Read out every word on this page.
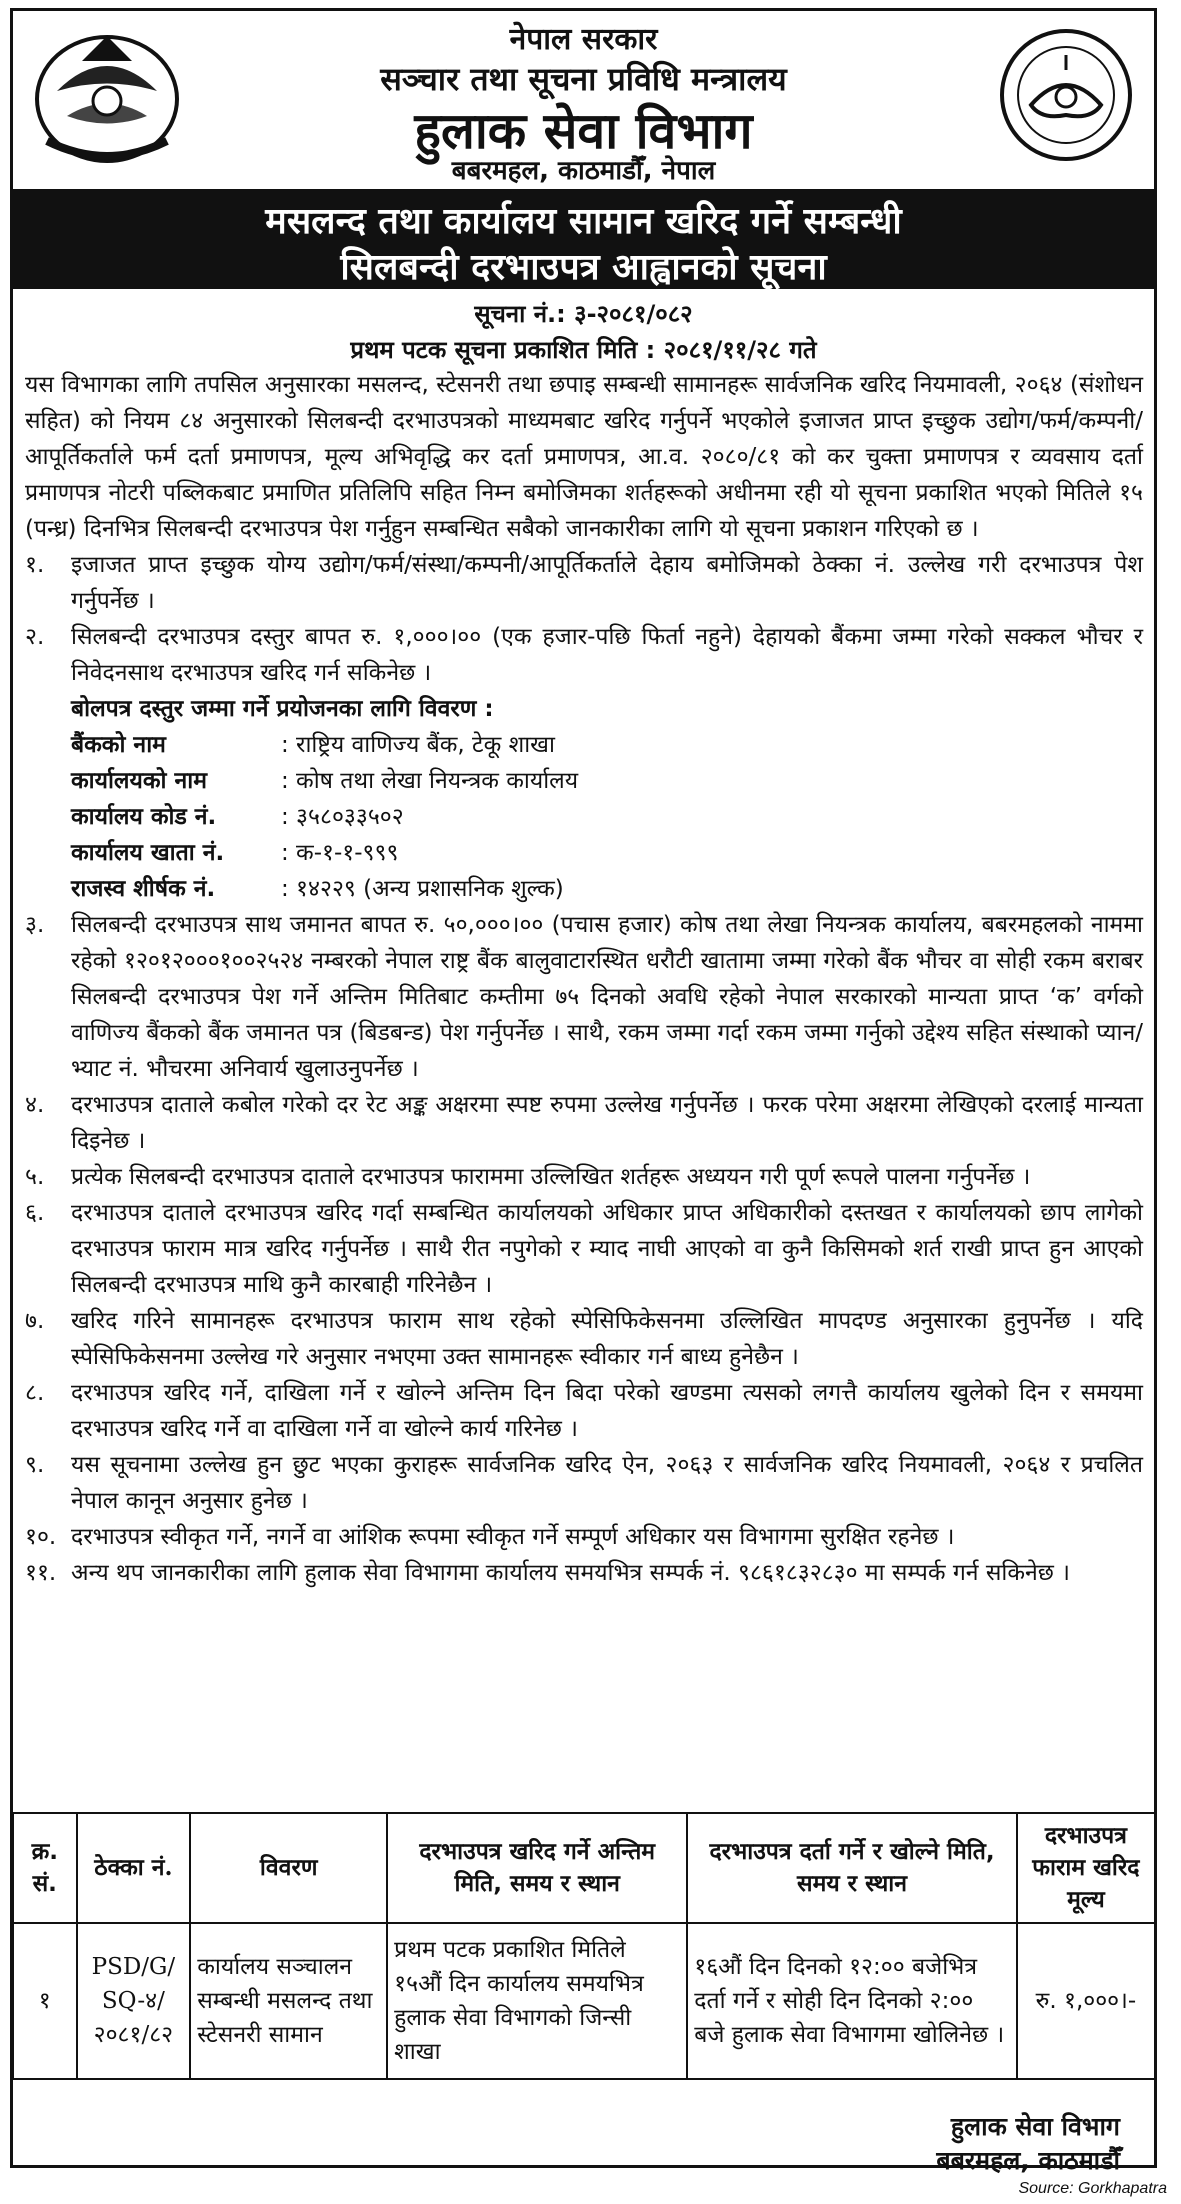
नेपाल सरकार
सञ्चार तथा सूचना प्रविधि मन्त्रालय
हुलाक सेवा विभाग
बबरमहल, काठमाडौँ, नेपाल
मसलन्द तथा कार्यालय सामान खरिद गर्ने सम्बन्धी
सिलबन्दी दरभाउपत्र आह्वानको सूचना
सूचना नं.: ३-२०८१/०८२
प्रथम पटक सूचना प्रकाशित मिति : २०८१/११/२८ गते

यस विभागका लागि तपसिल अनुसारका मसलन्द, स्टेसनरी तथा छपाइ सम्बन्धी सामानहरू सार्वजनिक खरिद नियमावली, २०६४ (संशोधन सहित) को नियम ८४ अनुसारको सिलबन्दी दरभाउपत्रको माध्यमबाट खरिद गर्नुपर्ने भएकोले इजाजत प्राप्त इच्छुक उद्योग/फर्म/कम्पनी/आपूर्तिकर्ताले फर्म दर्ता प्रमाणपत्र, मूल्य अभिवृद्धि कर दर्ता प्रमाणपत्र, आ.व. २०८०/८१ को कर चुक्ता प्रमाणपत्र र व्यवसाय दर्ता प्रमाणपत्र नोटरी पब्लिकबाट प्रमाणित प्रतिलिपि सहित निम्न बमोजिमका शर्तहरूको अधीनमा रही यो सूचना प्रकाशित भएको मितिले १५ (पन्ध्र) दिनभित्र सिलबन्दी दरभाउपत्र पेश गर्नुहुन सम्बन्धित सबैको जानकारीका लागि यो सूचना प्रकाशन गरिएको छ ।

१.	इजाजत प्राप्त इच्छुक योग्य उद्योग/फर्म/संस्था/कम्पनी/आपूर्तिकर्ताले देहाय बमोजिमको ठेक्का नं. उल्लेख गरी दरभाउपत्र पेश गर्नुपर्नेछ ।
२.	सिलबन्दी दरभाउपत्र दस्तुर बापत रु. १,०००।०० (एक हजार-पछि फिर्ता नहुने) देहायको बैंकमा जम्मा गरेको सक्कल भौचर र निवेदनसाथ दरभाउपत्र खरिद गर्न सकिनेछ ।
बोलपत्र दस्तुर जम्मा गर्ने प्रयोजनका लागि विवरण :
बैंकको नाम	: राष्ट्रिय वाणिज्य बैंक, टेकू शाखा
कार्यालयको नाम	: कोष तथा लेखा नियन्त्रक कार्यालय
कार्यालय कोड नं.	: ३५८०३३५०२
कार्यालय खाता नं.	: क-१-१-९९९
राजस्व शीर्षक नं.	: १४२२९ (अन्य प्रशासनिक शुल्क)
३.	सिलबन्दी दरभाउपत्र साथ जमानत बापत रु. ५०,०००।०० (पचास हजार) कोष तथा लेखा नियन्त्रक कार्यालय, बबरमहलको नाममा रहेको १२०१२०००१००२५२४ नम्बरको नेपाल राष्ट्र बैंक बालुवाटारस्थित धरौटी खातामा जम्मा गरेको बैंक भौचर वा सोही रकम बराबर सिलबन्दी दरभाउपत्र पेश गर्ने अन्तिम मितिबाट कम्तीमा ७५ दिनको अवधि रहेको नेपाल सरकारको मान्यता प्राप्त ‘क’ वर्गको वाणिज्य बैंकको बैंक जमानत पत्र (बिडबन्ड) पेश गर्नुपर्नेछ । साथै, रकम जम्मा गर्दा रकम जम्मा गर्नुको उद्देश्य सहित संस्थाको प्यान/भ्याट नं. भौचरमा अनिवार्य खुलाउनुपर्नेछ ।
४.	दरभाउपत्र दाताले कबोल गरेको दर रेट अङ्क अक्षरमा स्पष्ट रुपमा उल्लेख गर्नुपर्नेछ । फरक परेमा अक्षरमा लेखिएको दरलाई मान्यता दिइनेछ ।
५.	प्रत्येक सिलबन्दी दरभाउपत्र दाताले दरभाउपत्र फाराममा उल्लिखित शर्तहरू अध्ययन गरी पूर्ण रूपले पालना गर्नुपर्नेछ ।
६.	दरभाउपत्र दाताले दरभाउपत्र खरिद गर्दा सम्बन्धित कार्यालयको अधिकार प्राप्त अधिकारीको दस्तखत र कार्यालयको छाप लागेको दरभाउपत्र फाराम मात्र खरिद गर्नुपर्नेछ । साथै रीत नपुगेको र म्याद नाघी आएको वा कुनै किसिमको शर्त राखी प्राप्त हुन आएको सिलबन्दी दरभाउपत्र माथि कुनै कारबाही गरिनेछैन ।
७.	खरिद गरिने सामानहरू दरभाउपत्र फाराम साथ रहेको स्पेसिफिकेसनमा उल्लिखित मापदण्ड अनुसारका हुनुपर्नेछ । यदि स्पेसिफिकेसनमा उल्लेख गरे अनुसार नभएमा उक्त सामानहरू स्वीकार गर्न बाध्य हुनेछैन ।
८.	दरभाउपत्र खरिद गर्ने, दाखिला गर्ने र खोल्ने अन्तिम दिन बिदा परेको खण्डमा त्यसको लगत्तै कार्यालय खुलेको दिन र समयमा दरभाउपत्र खरिद गर्ने वा दाखिला गर्ने वा खोल्ने कार्य गरिनेछ ।
९.	यस सूचनामा उल्लेख हुन छुट भएका कुराहरू सार्वजनिक खरिद ऐन, २०६३ र सार्वजनिक खरिद नियमावली, २०६४ र प्रचलित नेपाल कानून अनुसार हुनेछ ।
१०. दरभाउपत्र स्वीकृत गर्ने, नगर्ने वा आंशिक रूपमा स्वीकृत गर्ने सम्पूर्ण अधिकार यस विभागमा सुरक्षित रहनेछ ।
११. अन्य थप जानकारीका लागि हुलाक सेवा विभागमा कार्यालय समयभित्र सम्पर्क नं. ९८६१८३२८३० मा सम्पर्क गर्न सकिनेछ ।
हुलाक सेवा विभाग
बबरमहल, काठमाडौँ
क्र. सं.	ठेक्का नं.	विवरण	दरभाउपत्र खरिद गर्ने अन्तिम मिति, समय र स्थान	दरभाउपत्र दर्ता गर्ने र खोल्ने मिति, समय र स्थान	दरभाउपत्र फाराम खरिद मूल्य
१	PSD/G/ SQ-४/ २०८१/८२	कार्यालय सञ्चालन सम्बन्धी मसलन्द तथा स्टेसनरी सामान	प्रथम पटक प्रकाशित मितिले १५औं दिन कार्यालय समयभित्र हुलाक सेवा विभागको जिन्सी शाखा	१६औं दिन दिनको १२:०० बजेभित्र दर्ता गर्ने र सोही दिन दिनको २:०० बजे हुलाक सेवा विभागमा खोलिनेछ ।	रु. १,०००।-
Source: Gorkhapatra
